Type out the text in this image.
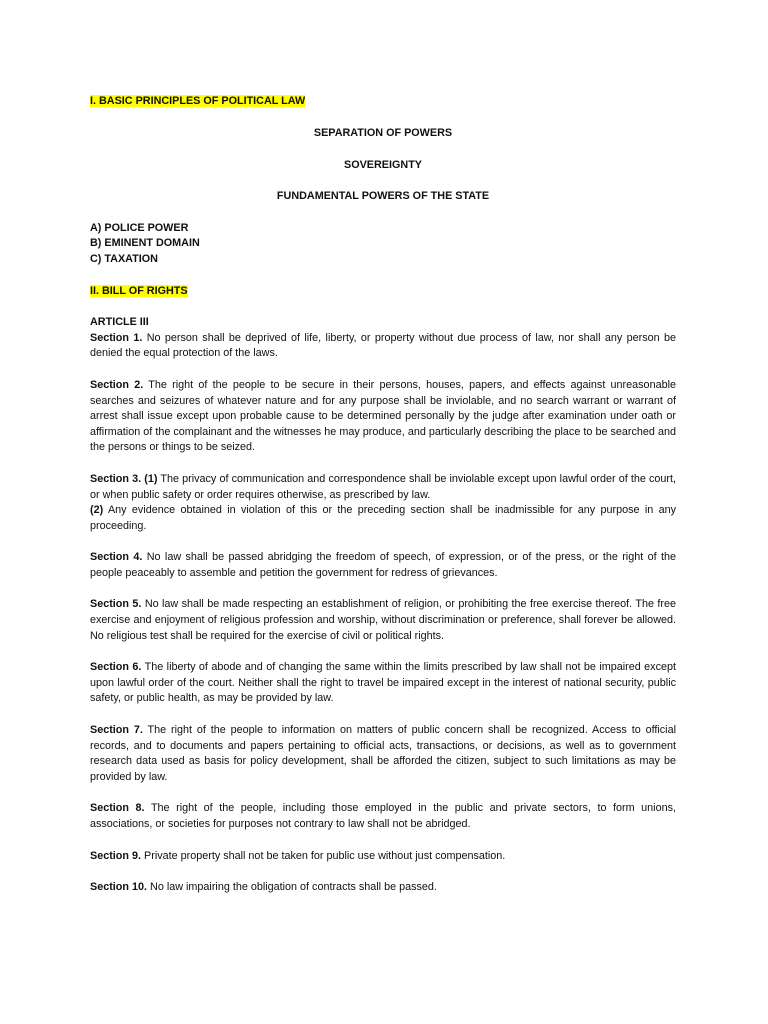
I. BASIC PRINCIPLES OF POLITICAL LAW

SEPARATION OF POWERS

SOVEREIGNTY

FUNDAMENTAL POWERS OF THE STATE

A) POLICE POWER

B) EMINENT DOMAIN

C) TAXATION

II. BILL OF RIGHTS

ARTICLE III

Section 1. No person shall be deprived of life, liberty, or property without due process of law, nor shall any person be denied the equal protection of the laws.

Section 2. The right of the people to be secure in their persons, houses, papers, and effects against unreasonable searches and seizures of whatever nature and for any purpose shall be inviolable, and no search warrant or warrant of arrest shall issue except upon probable cause to be determined personally by the judge after examination under oath or affirmation of the complainant and the witnesses he may produce, and particularly describing the place to be searched and the persons or things to be seized.

Section 3. (1) The privacy of communication and correspondence shall be inviolable except upon lawful order of the court, or when public safety or order requires otherwise, as prescribed by law.

(2) Any evidence obtained in violation of this or the preceding section shall be inadmissible for any purpose in any proceeding.

Section 4. No law shall be passed abridging the freedom of speech, of expression, or of the press, or the right of the people peaceably to assemble and petition the government for redress of grievances.

Section 5. No law shall be made respecting an establishment of religion, or prohibiting the free exercise thereof. The free exercise and enjoyment of religious profession and worship, without discrimination or preference, shall forever be allowed. No religious test shall be required for the exercise of civil or political rights.

Section 6. The liberty of abode and of changing the same within the limits prescribed by law shall not be impaired except upon lawful order of the court. Neither shall the right to travel be impaired except in the interest of national security, public safety, or public health, as may be provided by law.

Section 7. The right of the people to information on matters of public concern shall be recognized. Access to official records, and to documents and papers pertaining to official acts, transactions, or decisions, as well as to government research data used as basis for policy development, shall be afforded the citizen, subject to such limitations as may be provided by law.

Section 8. The right of the people, including those employed in the public and private sectors, to form unions, associations, or societies for purposes not contrary to law shall not be abridged.

Section 9. Private property shall not be taken for public use without just compensation.

Section 10. No law impairing the obligation of contracts shall be passed.
